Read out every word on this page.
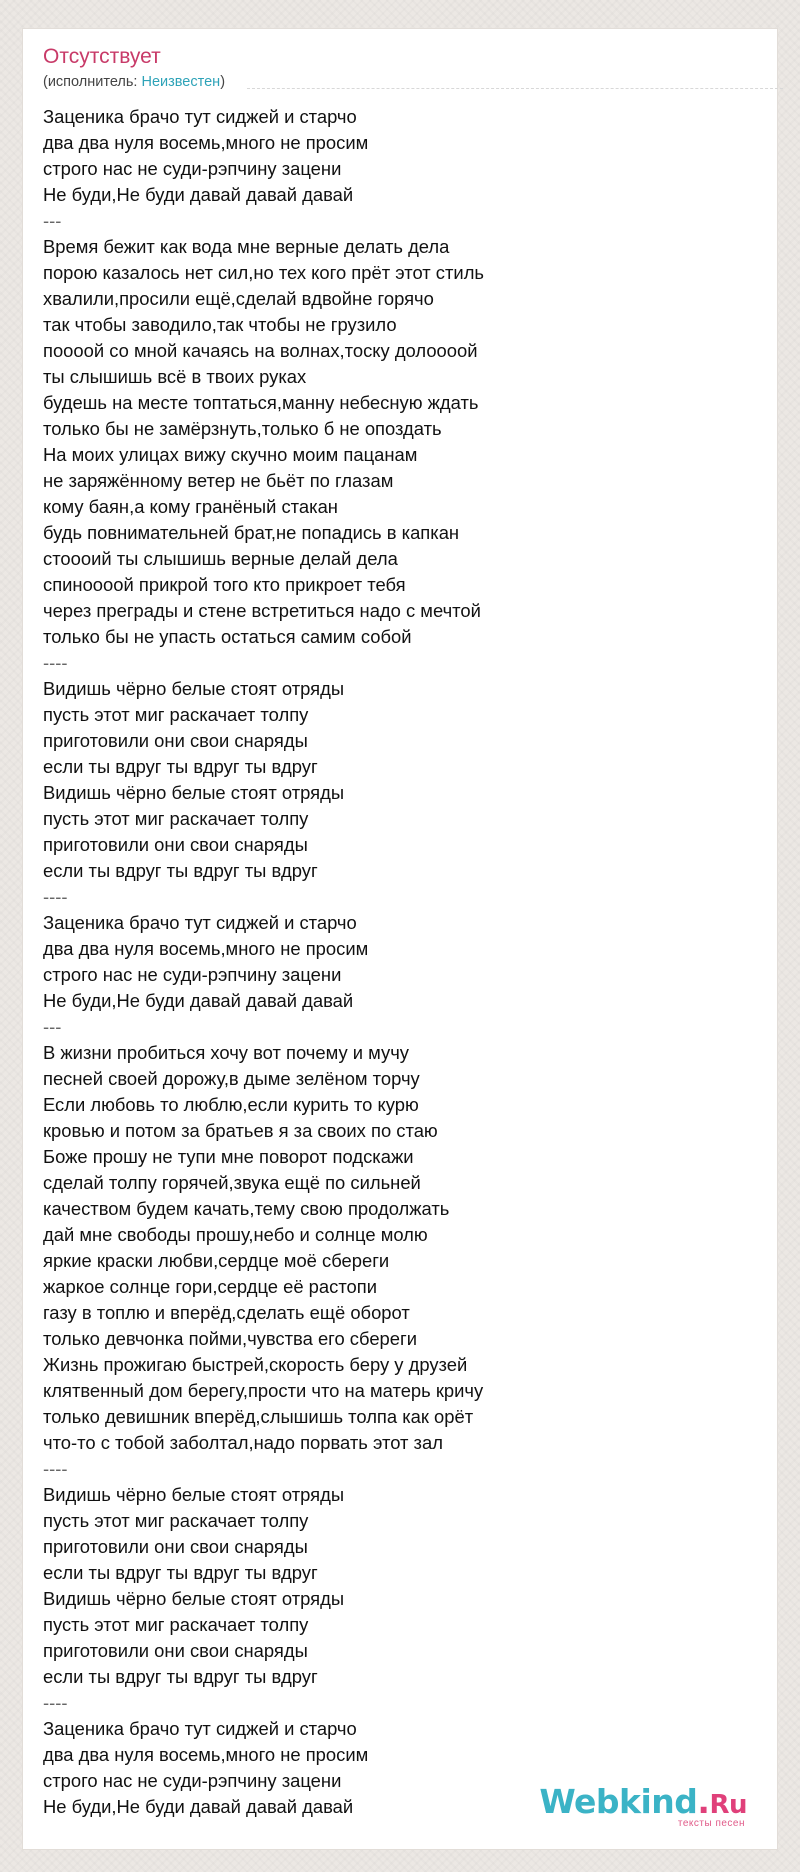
Отсутствует
(исполнитель: Неизвестен)
Заценика брачо тут сиджей и старчо
два два нуля восемь,много не просим
строго нас не суди-рэпчину зацени
Не буди,Не буди давай давай давай
---
Время бежит как вода мне верные делать дела
порою казалось нет сил,но тех кого прёт этот стиль
хвалили,просили ещё,сделай вдвойне горячо
так чтобы заводило,так чтобы не грузило
поооой со мной качаясь на волнах,тоску долоооой
ты слышишь всё в твоих руках
будешь на месте топтаться,манну небесную ждать
только бы не замёрзнуть,только б не опоздать
На моих улицах вижу скучно моим пацанам
не заряжённому ветер не бьёт по глазам
кому баян,а кому гранёный стакан
будь повнимательней брат,не попадись в капкан
стоооий ты слышишь верные делай дела
спиноооой прикрой того кто прикроет тебя
через преграды и стене встретиться надо с мечтой
только бы не упасть остаться самим собой
----
Видишь чёрно белые стоят отряды
пусть этот миг раскачает толпу
приготовили они свои снаряды
если ты вдруг ты вдруг ты вдруг
Видишь чёрно белые стоят отряды
пусть этот миг раскачает толпу
приготовили они свои снаряды
если ты вдруг ты вдруг ты вдруг
----
Заценика брачо тут сиджей и старчо
два два нуля восемь,много не просим
строго нас не суди-рэпчину зацени
Не буди,Не буди давай давай давай
---
В жизни пробиться хочу вот почему и мучу
песней своей дорожу,в дыме зелёном торчу
Если любовь то люблю,если курить то курю
кровью и потом за братьев я за своих по стаю
Боже прошу не тупи мне поворот подскажи
сделай толпу горячей,звука ещё по сильней
качеством будем качать,тему свою продолжать
дай мне свободы прошу,небо и солнце молю
яркие краски любви,сердце моё сбереги
жаркое солнце гори,сердце её растопи
газу в топлю и вперёд,сделать ещё оборот
только девчонка пойми,чувства его сбереги
Жизнь прожигаю быстрей,скорость беру у друзей
клятвенный дом берегу,прости что на матерь кричу
только девишник вперёд,слышишь толпа как орёт
что-то с тобой заболтал,надо порвать этот зал
----
Видишь чёрно белые стоят отряды
пусть этот миг раскачает толпу
приготовили они свои снаряды
если ты вдруг ты вдруг ты вдруг
Видишь чёрно белые стоят отряды
пусть этот миг раскачает толпу
приготовили они свои снаряды
если ты вдруг ты вдруг ты вдруг
----
Заценика брачо тут сиджей и старчо
два два нуля восемь,много не просим
строго нас не суди-рэпчину зацени
Не буди,Не буди давай давай давай	Webkind.Ru
тексты песен
